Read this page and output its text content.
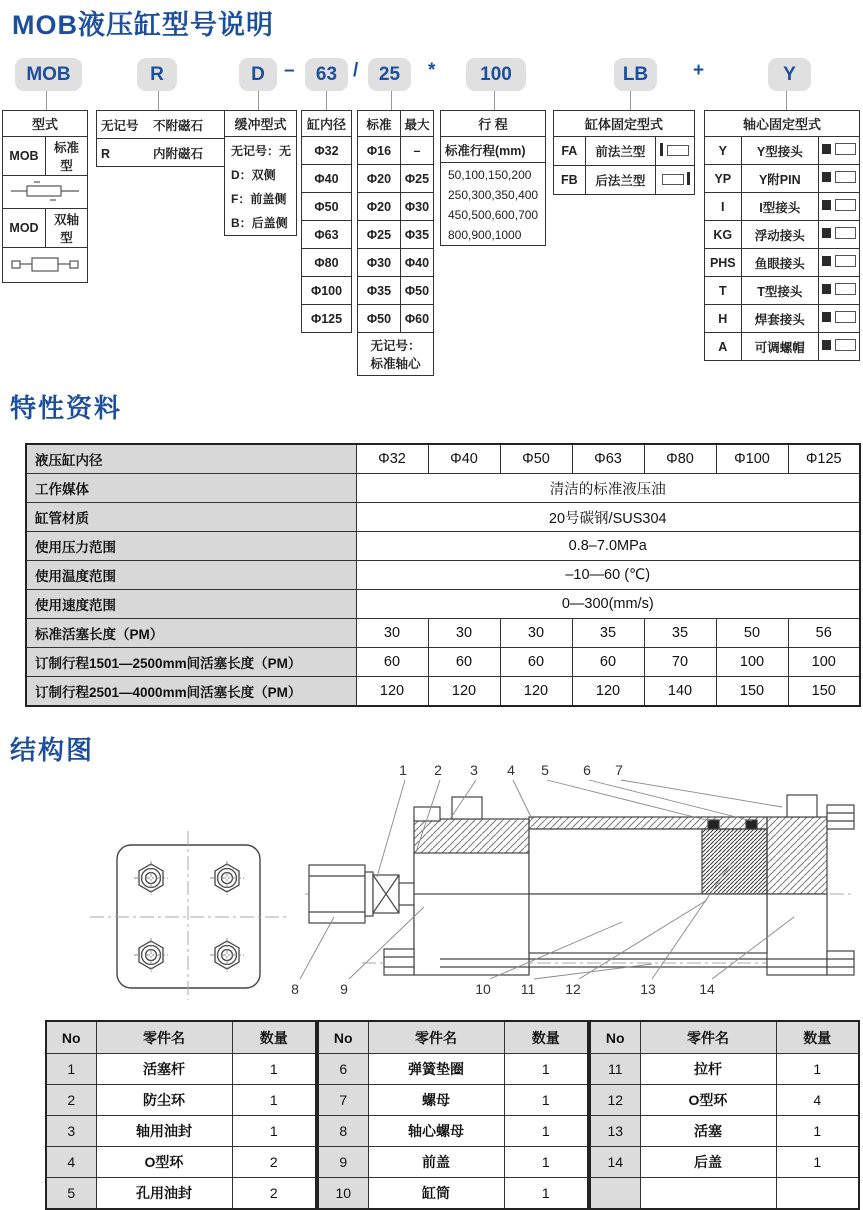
MOB液压缸型号说明
MOB	R	D	–	63 /	25	*	100	LB	+	Y
型式	
MOB	标准型

MOD	双轴型

无记号 不附磁石
R	内附磁石
缓冲型式

无记号：无
D：双侧
F：前盖侧
B：后盖侧
缸内径
Φ32
Φ40
Φ50
Φ63
Φ80
Φ100
Φ125
标准	最大
Φ16	–
Φ20	Φ25
Φ20	Φ30
Φ25	Φ35
Φ30	Φ40
Φ35	Φ50
Φ50	Φ60

无记号：
标准轴心	
行 程
标准行程(mm)

50,100,150,200
250,300,350,400
450,500,600,700
800,900,1000
缸体固定型式		
FA	前法兰型	
FB	后法兰型	
轴心固定型式		
Y	Y型接头	
YP	Y附PIN	
I	I型接头	
KG	浮动接头	
PHS	鱼眼接头	
T	T型接头	
H	焊套接头	
A	可调螺帽	
特性资料
液压缸内径	Φ32	Φ40	Φ50	Φ63	Φ80	Φ100	Φ125
工作媒体	清洁的标准液压油						
缸管材质	20号碳钢/SUS304						
使用压力范围	0.8–7.0MPa						
使用温度范围	–10—60 (℃)						
使用速度范围	0—300(mm/s)						
标准活塞长度（PM）	30	30	30	35	35	50	56
订制行程1501—2500mm间活塞长度（PM）	60	60	60	60	70	100	100
订制行程2501—4000mm间活塞长度（PM）	120	120	120	120	140	150	150
结构图
1 2 3 4 5 6 7
8	9	10 11 12	13	14
No	零件名	数量
1	活塞杆	1
2	防尘环	1
3	轴用油封	1
4	O型环	2
5	孔用油封	2
No	零件名	数量
6	弹簧垫圈	1
7	螺母	1
8	轴心螺母	1
9	前盖	1
10	缸筒	1
No	零件名	数量
11	拉杆	1
12	O型环	4
13	活塞	1
14	后盖	1
